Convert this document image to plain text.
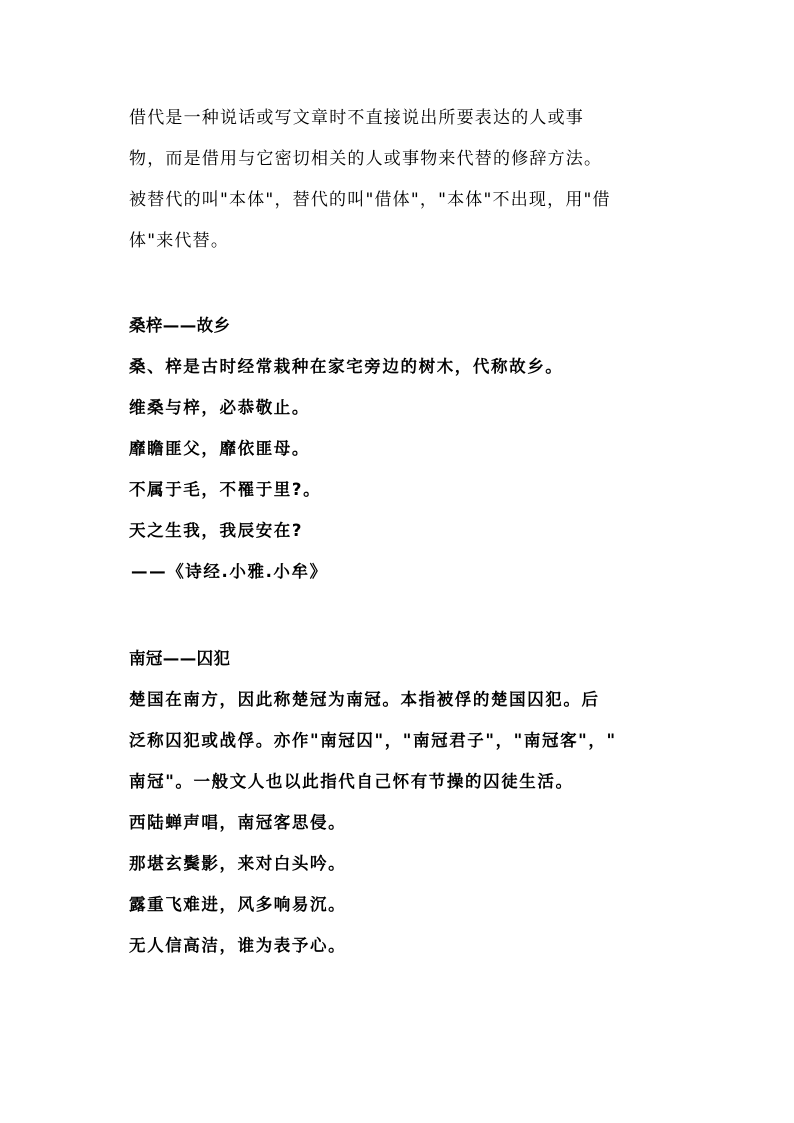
借代是一种说话或写文章时不直接说出所要表达的人或事

物，而是借用与它密切相关的人或事物来代替的修辞方法。

被替代的叫"本体"，替代的叫"借体"，"本体"不出现，用"借

体"来代替。

桑梓——故乡

桑、梓是古时经常栽种在家宅旁边的树木，代称故乡。

维桑与梓，必恭敬止。

靡瞻匪父，靡依匪母。

不属于毛，不罹于里?。

天之生我，我辰安在?

——《诗经.小雅.小牟》

南冠——囚犯

楚国在南方，因此称楚冠为南冠。本指被俘的楚国囚犯。后

泛称囚犯或战俘。亦作"南冠囚"，"南冠君子"，"南冠客"，"

南冠"。一般文人也以此指代自己怀有节操的囚徒生活。

西陆蝉声唱，南冠客思侵。

那堪玄鬓影，来对白头吟。

露重飞难进，风多响易沉。

无人信高洁，谁为表予心。
